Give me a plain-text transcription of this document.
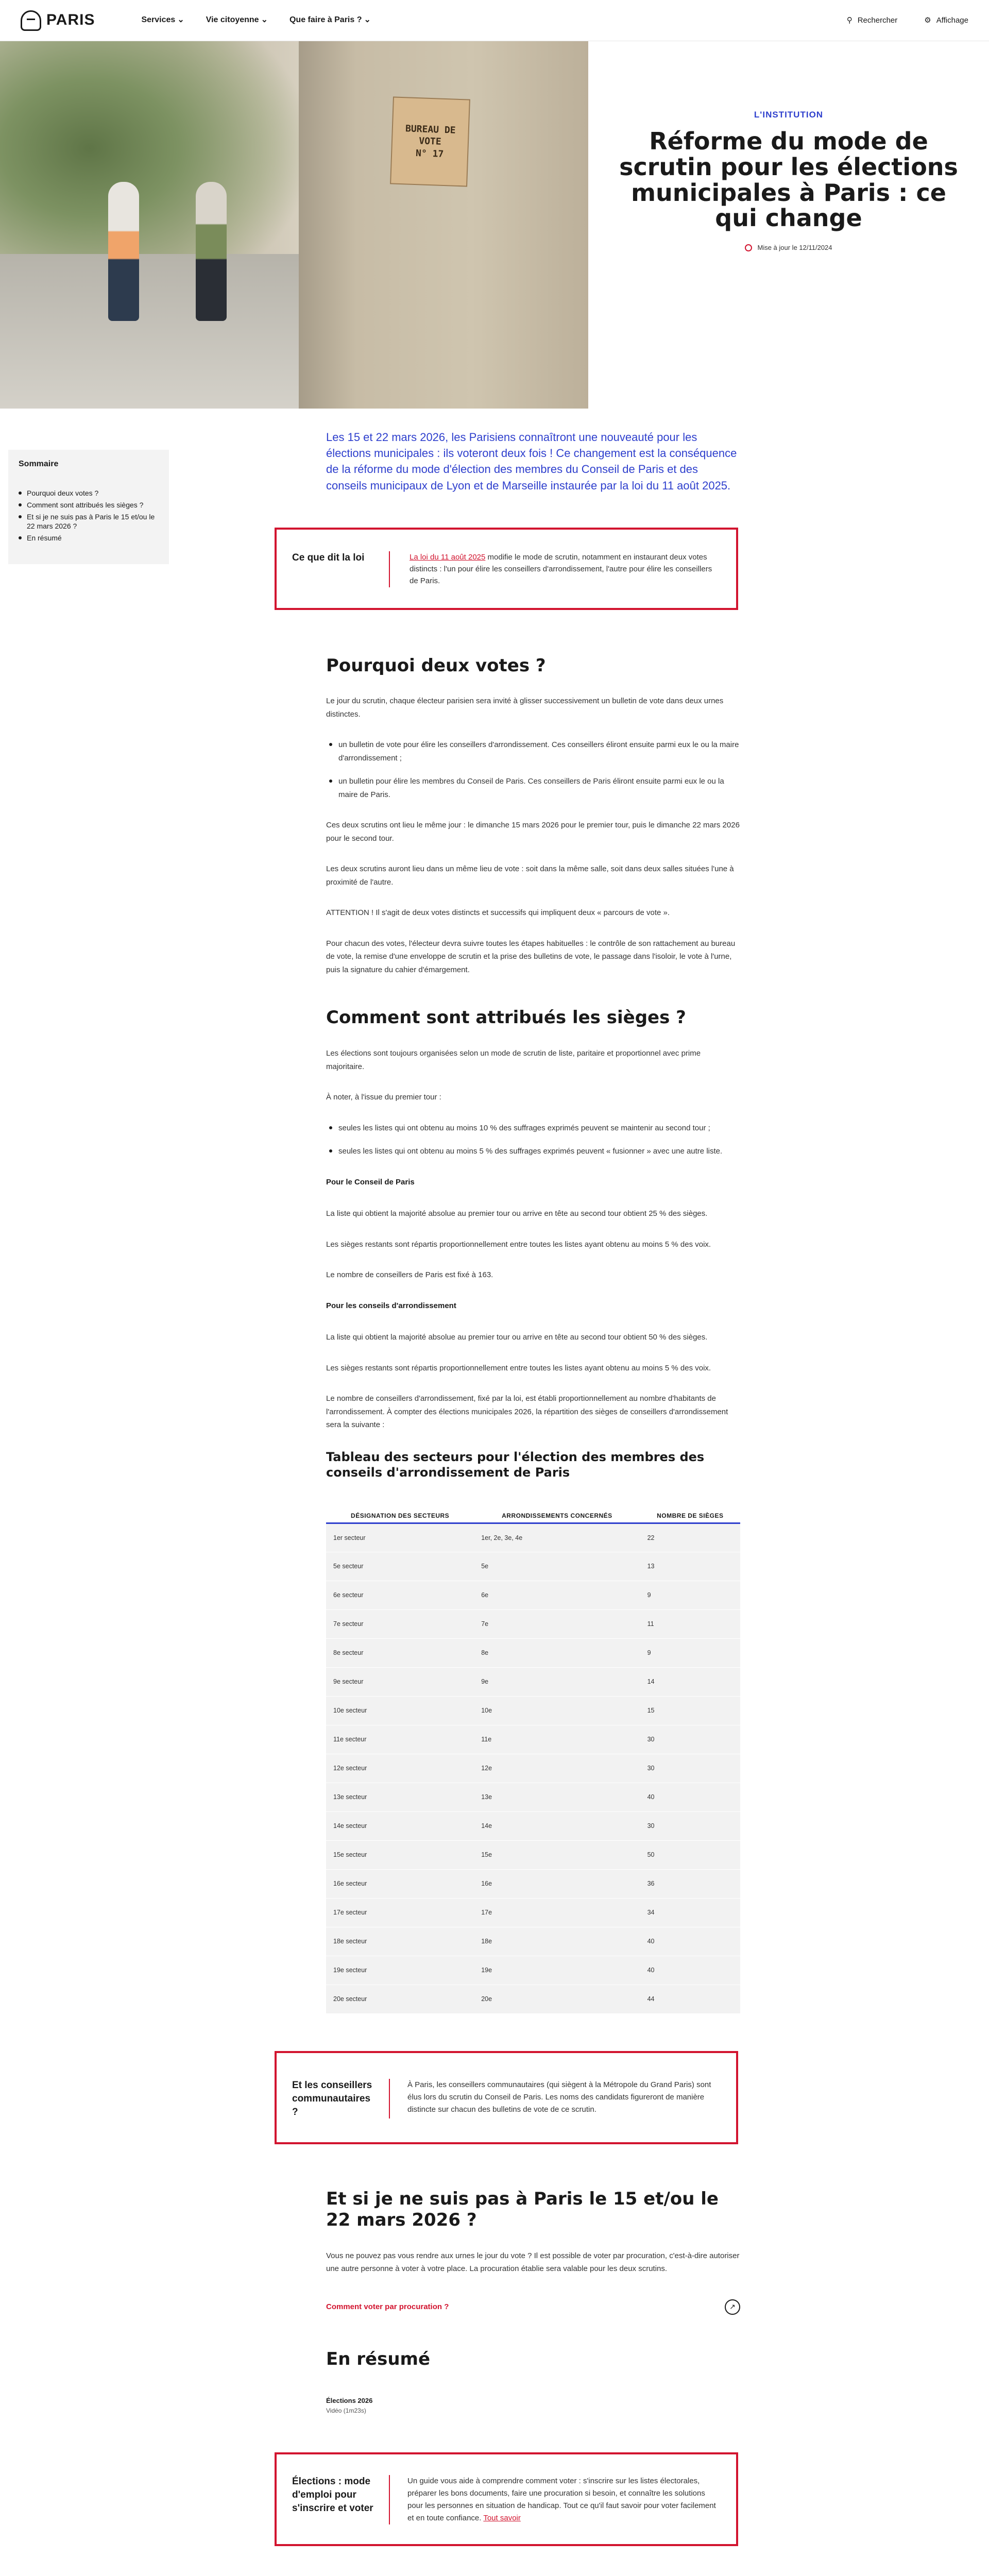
PARIS	Services ⌄	Vie citoyenne ⌄	Que faire à Paris ? ⌄	⚲ Rechercher	⚙ Affichage
BUREAU DE VOTE
N° 17
L'INSTITUTION
Réforme du mode de scrutin pour les élections municipales à Paris : ce qui change
Mise à jour le 12/11/2024
Sommaire
Pourquoi deux votes ?
Comment sont attribués les sièges ?
Et si je ne suis pas à Paris le 15 et/ou le 22 mars 2026 ?
En résumé

Les 15 et 22 mars 2026, les Parisiens connaîtront une nouveauté pour les élections municipales : ils voteront deux fois ! Ce changement est la conséquence de la réforme du mode d'élection des membres du Conseil de Paris et des conseils municipaux de Lyon et de Marseille instaurée par la loi du 11 août 2025.

Ce que dit la loi	La loi du 11 août 2025 modifie le mode de scrutin, notamment en instaurant deux votes distincts : l'un pour élire les conseillers d'arrondissement, l'autre pour élire les conseillers de Paris.
Pourquoi deux votes ?

Le jour du scrutin, chaque électeur parisien sera invité à glisser successivement un bulletin de vote dans deux urnes distinctes.

un bulletin de vote pour élire les conseillers d'arrondissement. Ces conseillers éliront ensuite parmi eux le ou la maire d'arrondissement ;
un bulletin pour élire les membres du Conseil de Paris. Ces conseillers de Paris éliront ensuite parmi eux le ou la maire de Paris.

Ces deux scrutins ont lieu le même jour : le dimanche 15 mars 2026 pour le premier tour, puis le dimanche 22 mars 2026 pour le second tour.

Les deux scrutins auront lieu dans un même lieu de vote : soit dans la même salle, soit dans deux salles situées l'une à proximité de l'autre.

ATTENTION ! Il s'agit de deux votes distincts et successifs qui impliquent deux « parcours de vote ».

Pour chacun des votes, l'électeur devra suivre toutes les étapes habituelles : le contrôle de son rattachement au bureau de vote, la remise d'une enveloppe de scrutin et la prise des bulletins de vote, le passage dans l'isoloir, le vote à l'urne, puis la signature du cahier d'émargement.

Comment sont attribués les sièges ?

Les élections sont toujours organisées selon un mode de scrutin de liste, paritaire et proportionnel avec prime majoritaire.

À noter, à l'issue du premier tour :

seules les listes qui ont obtenu au moins 10 % des suffrages exprimés peuvent se maintenir au second tour ;
seules les listes qui ont obtenu au moins 5 % des suffrages exprimés peuvent « fusionner » avec une autre liste.

Pour le Conseil de Paris

La liste qui obtient la majorité absolue au premier tour ou arrive en tête au second tour obtient 25 % des sièges.

Les sièges restants sont répartis proportionnellement entre toutes les listes ayant obtenu au moins 5 % des voix.

Le nombre de conseillers de Paris est fixé à 163.

Pour les conseils d'arrondissement

La liste qui obtient la majorité absolue au premier tour ou arrive en tête au second tour obtient 50 % des sièges.

Les sièges restants sont répartis proportionnellement entre toutes les listes ayant obtenu au moins 5 % des voix.

Le nombre de conseillers d'arrondissement, fixé par la loi, est établi proportionnellement au nombre d'habitants de l'arrondissement. À compter des élections municipales 2026, la répartition des sièges de conseillers d'arrondissement sera la suivante :

Tableau des secteurs pour l'élection des membres des conseils d'arrondissement de Paris
DÉSIGNATION DES SECTEURS	ARRONDISSEMENTS CONCERNÉS	NOMBRE DE SIÈGES
1er secteur	1er, 2e, 3e, 4e	22
5e secteur	5e	13
6e secteur	6e	9
7e secteur	7e	11
8e secteur	8e	9
9e secteur	9e	14
10e secteur	10e	15
11e secteur	11e	30
12e secteur	12e	30
13e secteur	13e	40
14e secteur	14e	30
15e secteur	15e	50
16e secteur	16e	36
17e secteur	17e	34
18e secteur	18e	40
19e secteur	19e	40
20e secteur	20e	44
Et les conseillers communautaires ?
À Paris, les conseillers communautaires (qui siègent à la Métropole du Grand Paris) sont élus lors du scrutin du Conseil de Paris. Les noms des candidats figureront de manière distincte sur chacun des bulletins de vote de ce scrutin.
Et si je ne suis pas à Paris le 15 et/ou le 22 mars 2026 ?

Vous ne pouvez pas vous rendre aux urnes le jour du vote ? Il est possible de voter par procuration, c'est-à-dire autoriser une autre personne à voter à votre place. La procuration établie sera valable pour les deux scrutins.

Comment voter par procuration ?	↗
En résumé
Élections 2026
Vidéo (1m23s)
Élections : mode d'emploi pour s'inscrire et voter
Un guide vous aide à comprendre comment voter : s'inscrire sur les listes électorales, préparer les bons documents, faire une procuration si besoin, et connaître les solutions pour les personnes en situation de handicap. Tout ce qu'il faut savoir pour voter facilement et en toute confiance. Tout savoir
